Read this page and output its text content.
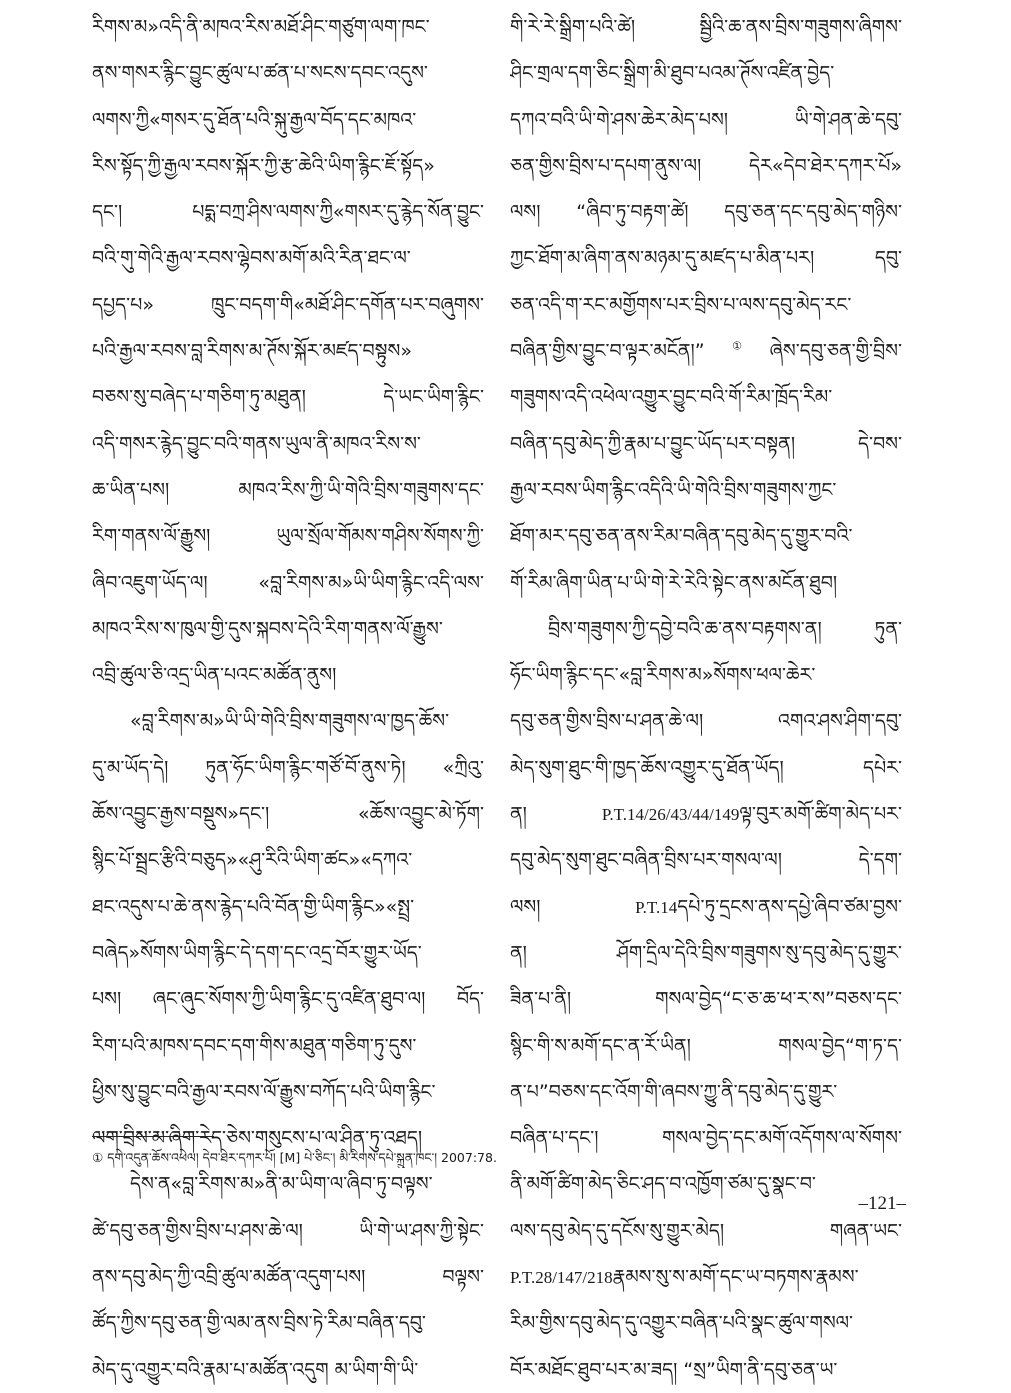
རིགས་མ»འདི་ནི་མཁའ་རིས་མཐོ་ཤིང་གཙུག་ལག་ཁང་
ནས་གསར་རྙིང་བྱུང་ཚུལ་པ་ཚན་པ་སངས་དབང་འདུས་
ལགས་ཀྱི«གསར་དུ་ཐོན་པའི་སྐུ་རྒྱལ་བོད་དང་མཁའ་
རིས་སྟོད་ཀྱི་རྒྱལ་རབས་སྐོར་ཀྱི་རྩ་ཆེའི་ཡིག་རྙིང་ཇོ་སྟོད»
དང་། པདྨ་བཀྲ་ཤིས་ལགས་ཀྱི«གསར་དུ་རྙེད་སོན་བྱུང་
བའི་གུ་གེའི་རྒྱལ་རབས་ལྷེབས་མགོ་མའི་རིན་ཐང་ལ་
དཔྱད་པ» ཁྲུང་བདག་གི«མཐོ་ཤིང་དགོན་པར་བཞུགས་
པའི་རྒྱལ་རབས་བླ་རིགས་མ་ཊོས་སྐོར་མཛད་བསྟུས»
བཅས་སུ་བཞེད་པ་གཅིག་ཏུ་མཐུན། དེ་ཡང་ཡིག་རྙིང་
འདི་གསར་རྙེད་བྱུང་བའི་གནས་ཡུལ་ནི་མཁའ་རིས་ས་
ཆ་ཡིན་པས། མཁའ་རིས་ཀྱི་ཡི་གེའི་བྲིས་གཟུགས་དང་
རིག་གནས་ལོ་རྒྱུས། ཡུལ་སྲོལ་གོམས་གཤིས་སོགས་ཀྱི་
ཞིབ་འཇུག་ཡོད་ལ། «བླ་རིགས་མ»ཡི་ཡིག་རྙིང་འདི་ལས་
མཁའ་རིས་ས་ཁུལ་གྱི་དུས་སྐབས་དེའི་རིག་གནས་ལོ་རྒྱུས་
འབྲི་ཚུལ་ཅི་འདྲ་ཡིན་པའང་མཚོན་ནུས།
«བླ་རིགས་མ»ཡི་ཡི་གེའི་བྲིས་གཟུགས་ལ་ཁྱད་ཆོས་
དུ་མ་ཡོད་དེ། ཏུན་ཧོང་ཡིག་རྙིང་གཙོ་བོ་ནུས་ཏེ། «ཀྲིའུ་
ཆོས་འབྱུང་རྒྱས་བསྡུས»དང་། «ཆོས་འབྱུང་མེ་ཏོག་
སྙིང་པོ་སྦྲང་རྩིའི་བཅུད»«ཤུ་རིའི་ཡིག་ཚང»«དཀའ་
ཐང་འདུས་པ་ཆེ་ནས་རྙེད་པའི་བོན་གྱི་ཡིག་རྙིང»«སྤྲ་
བཞེད»སོགས་ཡིག་རྙིང་དེ་དག་དང་འདྲ་བོར་གྱུར་ཡོད་
པས། ཞང་ཞུང་སོགས་ཀྱི་ཡིག་རྙིང་དུ་འཛིན་ཐུབ་ལ། བོད་
རིག་པའི་མཁས་དབང་དག་གིས་མཐུན་གཅིག་ཏུ་དུས་
ཕྱིས་སུ་བྱུང་བའི་རྒྱལ་རབས་ལོ་རྒྱུས་བཀོད་པའི་ཡིག་རྙིང་
ལག་བྲིས་མ་ཞིག་རེད་ཅེས་གསུངས་པ་ལ་ཤིན་ཏུ་འཐད།
དེས་ན«བླ་རིགས་མ»ནི་མ་ཡིག་ལ་ཞིབ་ཏུ་བལྟས་
ཚེ་དབུ་ཅན་གྱིས་བྲིས་པ་ཤས་ཆེ་ལ། ཡི་གེ་ཡ་ཤས་ཀྱི་སྟེང་
ནས་དབུ་མེད་ཀྱི་འབྲི་ཚུལ་མཚོན་འདུག་པས། བལྟས་
ཚོད་ཀྱིས་དབུ་ཅན་གྱི་ལམ་ནས་བྲིས་ཏེ་རིམ་བཞིན་དབུ་
མེད་དུ་འགྱུར་བའི་རྣམ་པ་མཚོན་འདུག མ་ཡིག་གི་ཡི་
གི་རེ་རེ་སྒྲིག་པའི་ཚེ། སྦྱིའི་ཆ་ནས་བྲིས་གཟུགས་ཞིགས་
ཤིང་གྲལ་དག་ཅིང་སྒྲིག་མི་ཐུབ་པའམ་ཊོས་འཛིན་བྱེད་
དཀའ་བའི་ཡི་གེ་ཤས་ཆེར་མེད་པས། ཡི་གེ་ཤན་ཆེ་དབུ་
ཅན་གྱིས་བྲིས་པ་དཔག་ནུས་ལ། དེར«དེབ་ཐེར་དཀར་པོ»
ལས། “ཞིབ་ཏུ་བརྟག་ཚེ། དབུ་ཅན་དང་དབུ་མེད་གཉིས་
ཀྱང་ཐོག་མ་ཞིག་ནས་མཉམ་དུ་མཛད་པ་མིན་པར། དབུ་
ཅན་འདི་ག་རང་མགྱོགས་པར་བྲིས་པ་ལས་དབུ་མེད་རང་
བཞིན་གྱིས་བྱུང་བ་ལྟར་མངོན།”①ཞེས་དབུ་ཅན་གྱི་བྲིས་
གཟུགས་འདི་འཕེལ་འགྱུར་བྱུང་བའི་གོ་རིམ་ཁྲོད་རིམ་
བཞིན་དབུ་མེད་ཀྱི་རྣམ་པ་བྱུང་ཡོད་པར་བསྟན། དེ་བས་
རྒྱལ་རབས་ཡིག་རྙིང་འདིའི་ཡི་གེའི་བྲིས་གཟུགས་ཀྱང་
ཐོག་མར་དབུ་ཅན་ནས་རིམ་བཞིན་དབུ་མེད་དུ་གྱུར་བའི་
གོ་རིམ་ཞིག་ཡིན་པ་ཡི་གེ་རེ་རེའི་སྟེང་ནས་མངོན་ཐུབ།
བྲིས་གཟུགས་ཀྱི་དབྱེ་བའི་ཆ་ནས་བརྟགས་ན། ཏུན་
ཧོང་ཡིག་རྙིང་དང་«བླ་རིགས་མ»སོགས་ཕལ་ཆེར་
དབུ་ཅན་གྱིས་བྲིས་པ་ཤན་ཆེ་ལ། འགའ་ཤས་ཤིག་དབུ་
མེད་སུག་ཐུང་གི་ཁྱད་ཆོས་འགྱུར་དུ་ཐོན་ཡོད། དཔེར་
ན། P.T.14/26/43/44/149ལྟ་བུར་མགོ་ཚིག་མེད་པར་
དབུ་མེད་སུག་ཐུང་བཞིན་བྲིས་པར་གསལ་ལ། དེ་དག་
ལས། P.T.14དཔེ་ཏུ་དྲངས་ནས་དཔྱེ་ཞིབ་ཙམ་བྱས་
ན། ཤོག་དྲིལ་དེའི་བྲིས་གཟུགས་སུ་དབུ་མེད་དུ་གྱུར་
ཟིན་པ་ནི། གསལ་བྱེད“ང་ཅ་ཆ་ཕ་ར་ས”བཅས་དང་
སྙིང་གི་ས་མགོ་དང་ན་རོ་ཡིན། གསལ་བྱེད“ག་ཏ་ད་
ན་པ”བཅས་དང་འོག་གི་ཞབས་ཀྱུ་ནི་དབུ་མེད་དུ་གྱུར་
བཞིན་པ་དང་། གསལ་བྱེད་དང་མགོ་འདོགས་ལ་སོགས་
ནི་མགོ་ཚིག་མེད་ཅིང་ཤད་བ་འཁྱོག་ཙམ་དུ་སྣང་བ་
ལས་དབུ་མེད་དུ་དངོས་སུ་གྱུར་མེད། གཞན་ཡང་
P.T.28/147/218རྣམས་སུ་ས་མགོ་དང་ཡ་བཏགས་རྣམས་
རིམ་གྱིས་དབུ་མེད་དུ་འགྱུར་བཞིན་པའི་སྣང་ཚུལ་གསལ་
བོར་མཐོང་ཐུབ་པར་མ་ཟད། “སྲ”ཡིག་ནི་དབུ་ཅན་ཡ་
① དགེ་འདུན་ཆོས་འཕེལ། དེབ་ཐེར་དཀར་པོ། [M] པེ་ཅིང་། མི་རིགས་དཔེ་སྐྲུན་ཁང་། 2007:78.
–121–
